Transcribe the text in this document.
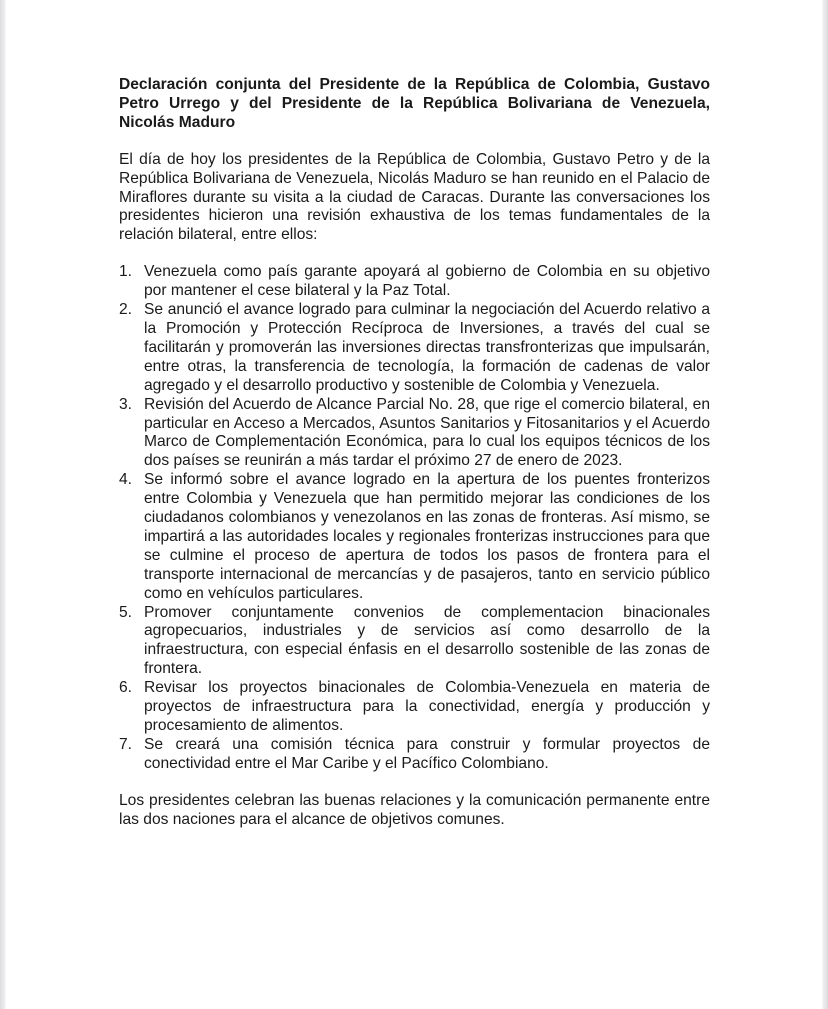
Declaración conjunta del Presidente de la República de Colombia, Gustavo Petro Urrego y del Presidente de la República Bolivariana de Venezuela, Nicolás Maduro

El día de hoy los presidentes de la República de Colombia, Gustavo Petro y de la República Bolivariana de Venezuela, Nicolás Maduro se han reunido en el Palacio de Miraflores durante su visita a la ciudad de Caracas. Durante las conversaciones los presidentes hicieron una revisión exhaustiva de los temas fundamentales de la relación bilateral, entre ellos:

1. Venezuela como país garante apoyará al gobierno de Colombia en su objetivo por mantener el cese bilateral y la Paz Total.
2. Se anunció el avance logrado para culminar la negociación del Acuerdo relativo a la Promoción y Protección Recíproca de Inversiones, a través del cual se facilitarán y promoverán las inversiones directas transfronterizas que impulsarán, entre otras, la transferencia de tecnología, la formación de cadenas de valor agregado y el desarrollo productivo y sostenible de Colombia y Venezuela.
3. Revisión del Acuerdo de Alcance Parcial No. 28, que rige el comercio bilateral, en particular en Acceso a Mercados, Asuntos Sanitarios y Fitosanitarios y el Acuerdo Marco de Complementación Económica, para lo cual los equipos técnicos de los dos países se reunirán a más tardar el próximo 27 de enero de 2023.
4. Se informó sobre el avance logrado en la apertura de los puentes fronterizos entre Colombia y Venezuela que han permitido mejorar las condiciones de los ciudadanos colombianos y venezolanos en las zonas de fronteras. Así mismo, se impartirá a las autoridades locales y regionales fronterizas instrucciones para que se culmine el proceso de apertura de todos los pasos de frontera para el transporte internacional de mercancías y de pasajeros, tanto en servicio público como en vehículos particulares.
5. Promover conjuntamente convenios de complementacion binacionales agropecuarios, industriales y de servicios así como desarrollo de la infraestructura, con especial énfasis en el desarrollo sostenible de las zonas de frontera.
6. Revisar los proyectos binacionales de Colombia-Venezuela en materia de proyectos de infraestructura para la conectividad, energía y producción y procesamiento de alimentos.
7. Se creará una comisión técnica para construir y formular proyectos de conectividad entre el Mar Caribe y el Pacífico Colombiano.

Los presidentes celebran las buenas relaciones y la comunicación permanente entre las dos naciones para el alcance de objetivos comunes.
